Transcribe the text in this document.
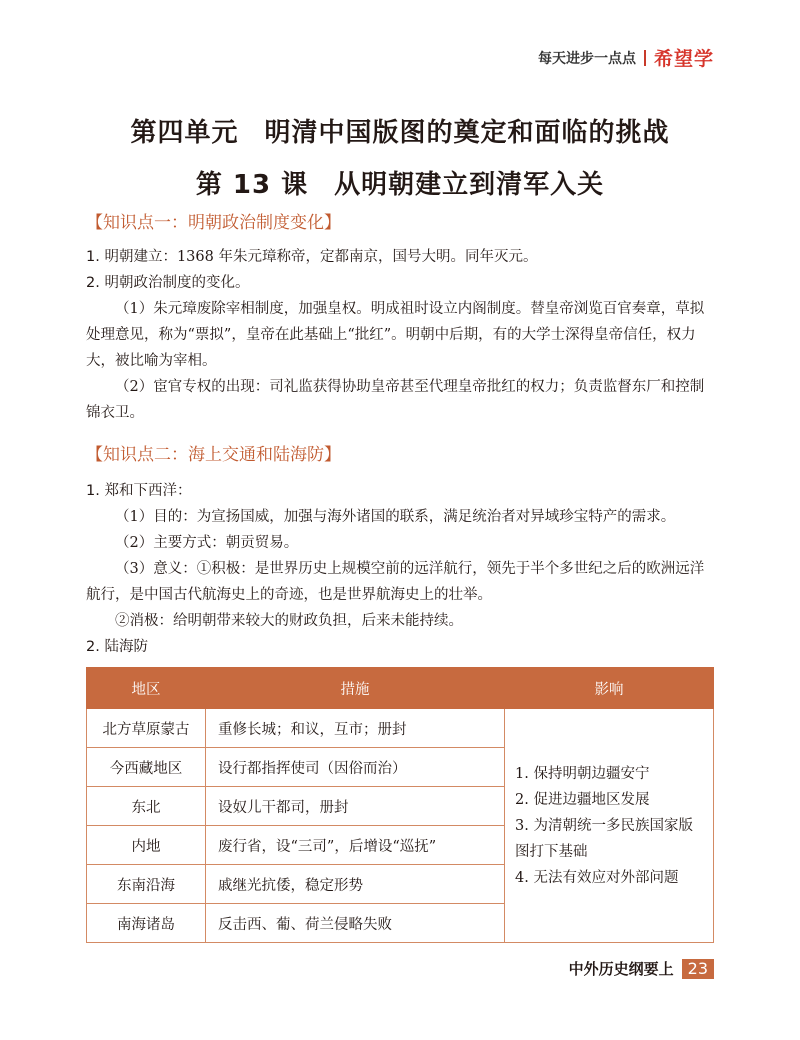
每天进步一点点 希望学
第四单元 明清中国版图的奠定和面临的挑战
第 13 课 从明朝建立到清军入关
【知识点一：明朝政治制度变化】
1. 明朝建立：1368 年朱元璋称帝，定都南京，国号大明。同年灭元。
2. 明朝政治制度的变化。
（1）朱元璋废除宰相制度，加强皇权。明成祖时设立内阁制度。替皇帝浏览百官奏章，草拟处理意见，称为“票拟”，皇帝在此基础上“批红”。明朝中后期，有的大学士深得皇帝信任，权力大，被比喻为宰相。
（2）宦官专权的出现：司礼监获得协助皇帝甚至代理皇帝批红的权力；负责监督东厂和控制锦衣卫。
【知识点二：海上交通和陆海防】
1. 郑和下西洋：
（1）目的：为宣扬国威，加强与海外诸国的联系，满足统治者对异域珍宝特产的需求。
（2）主要方式：朝贡贸易。
（3）意义：①积极：是世界历史上规模空前的远洋航行，领先于半个多世纪之后的欧洲远洋航行，是中国古代航海史上的奇迹，也是世界航海史上的壮举。
②消极：给明朝带来较大的财政负担，后来未能持续。
2. 陆海防
地区	措施	影响
北方草原蒙古	重修长城；和议，互市；册封	1. 保持明朝边疆安宁
2. 促进边疆地区发展
3. 为清朝统一多民族国家版图打下基础
4. 无法有效应对外部问题

今西藏地区	设行都指挥使司（因俗而治）	
东北	设奴儿干都司，册封	
内地	废行省，设“三司”，后增设“巡抚”	
东南沿海	戚继光抗倭，稳定形势	
南海诸岛	反击西、葡、荷兰侵略失败	
中外历史纲要上 23
